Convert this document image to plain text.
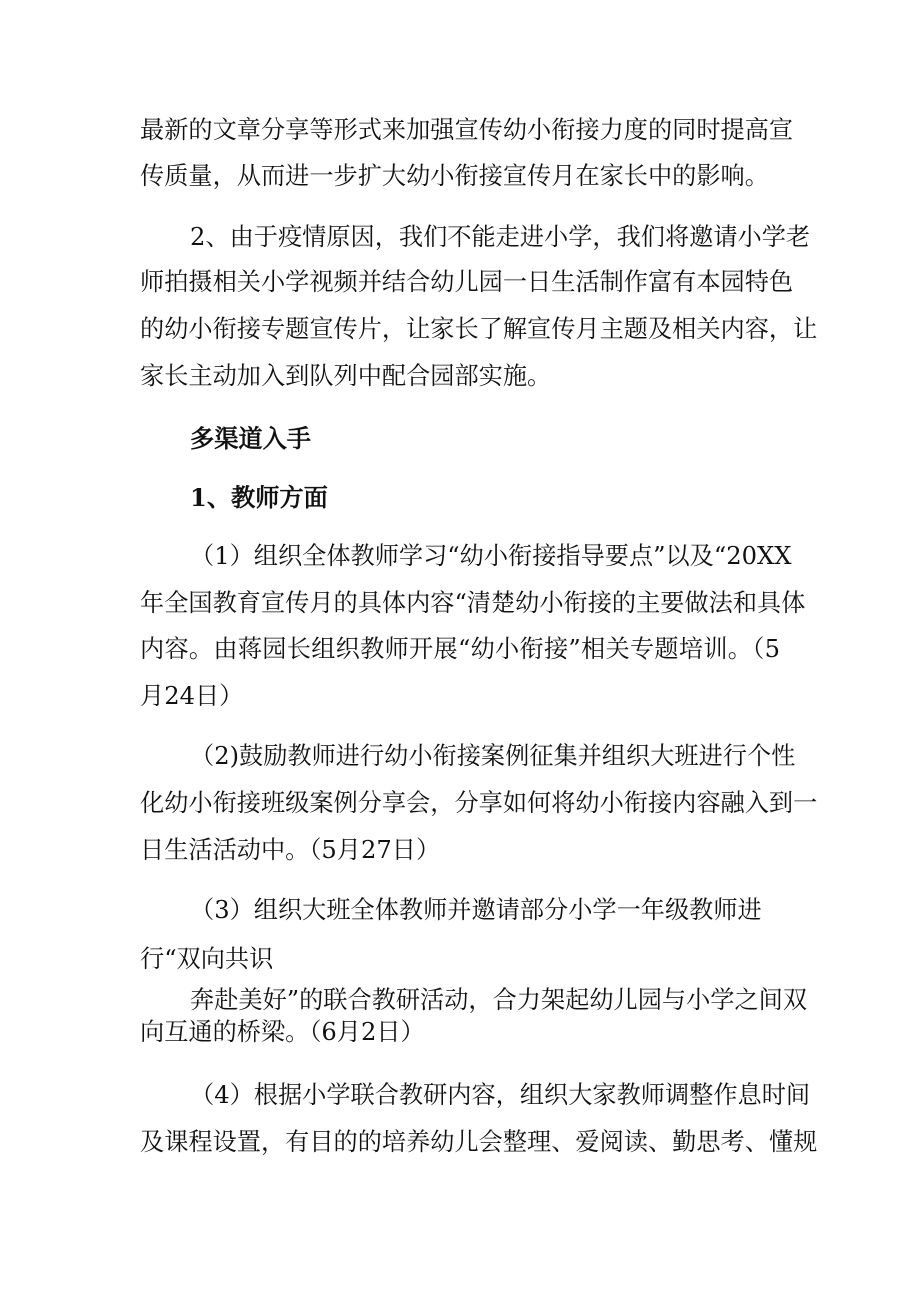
最新的文章分享等形式来加强宣传幼小衔接力度的同时提高宣
传质量，从而进一步扩大幼小衔接宣传月在家长中的影响。
2、由于疫情原因，我们不能走进小学，我们将邀请小学老
师拍摄相关小学视频并结合幼儿园一日生活制作富有本园特色
的幼小衔接专题宣传片，让家长了解宣传月主题及相关内容，让
家长主动加入到队列中配合园部实施。
多渠道入手
1、教师方面
（1）组织全体教师学习“幼小衔接指导要点”以及“20XX
年全国教育宣传月的具体内容“清楚幼小衔接的主要做法和具体
内容。由蒋园长组织教师开展“幼小衔接”相关专题培训。（5
月24日）
（2)鼓励教师进行幼小衔接案例征集并组织大班进行个性
化幼小衔接班级案例分享会，分享如何将幼小衔接内容融入到一
日生活活动中。（5月27日）
（3）组织大班全体教师并邀请部分小学一年级教师进
行“双向共识
奔赴美好”的联合教研活动，合力架起幼儿园与小学之间双
向互通的桥梁。（6月2日）
（4）根据小学联合教研内容，组织大家教师调整作息时间
及课程设置，有目的的培养幼儿会整理、爱阅读、勤思考、懂规
